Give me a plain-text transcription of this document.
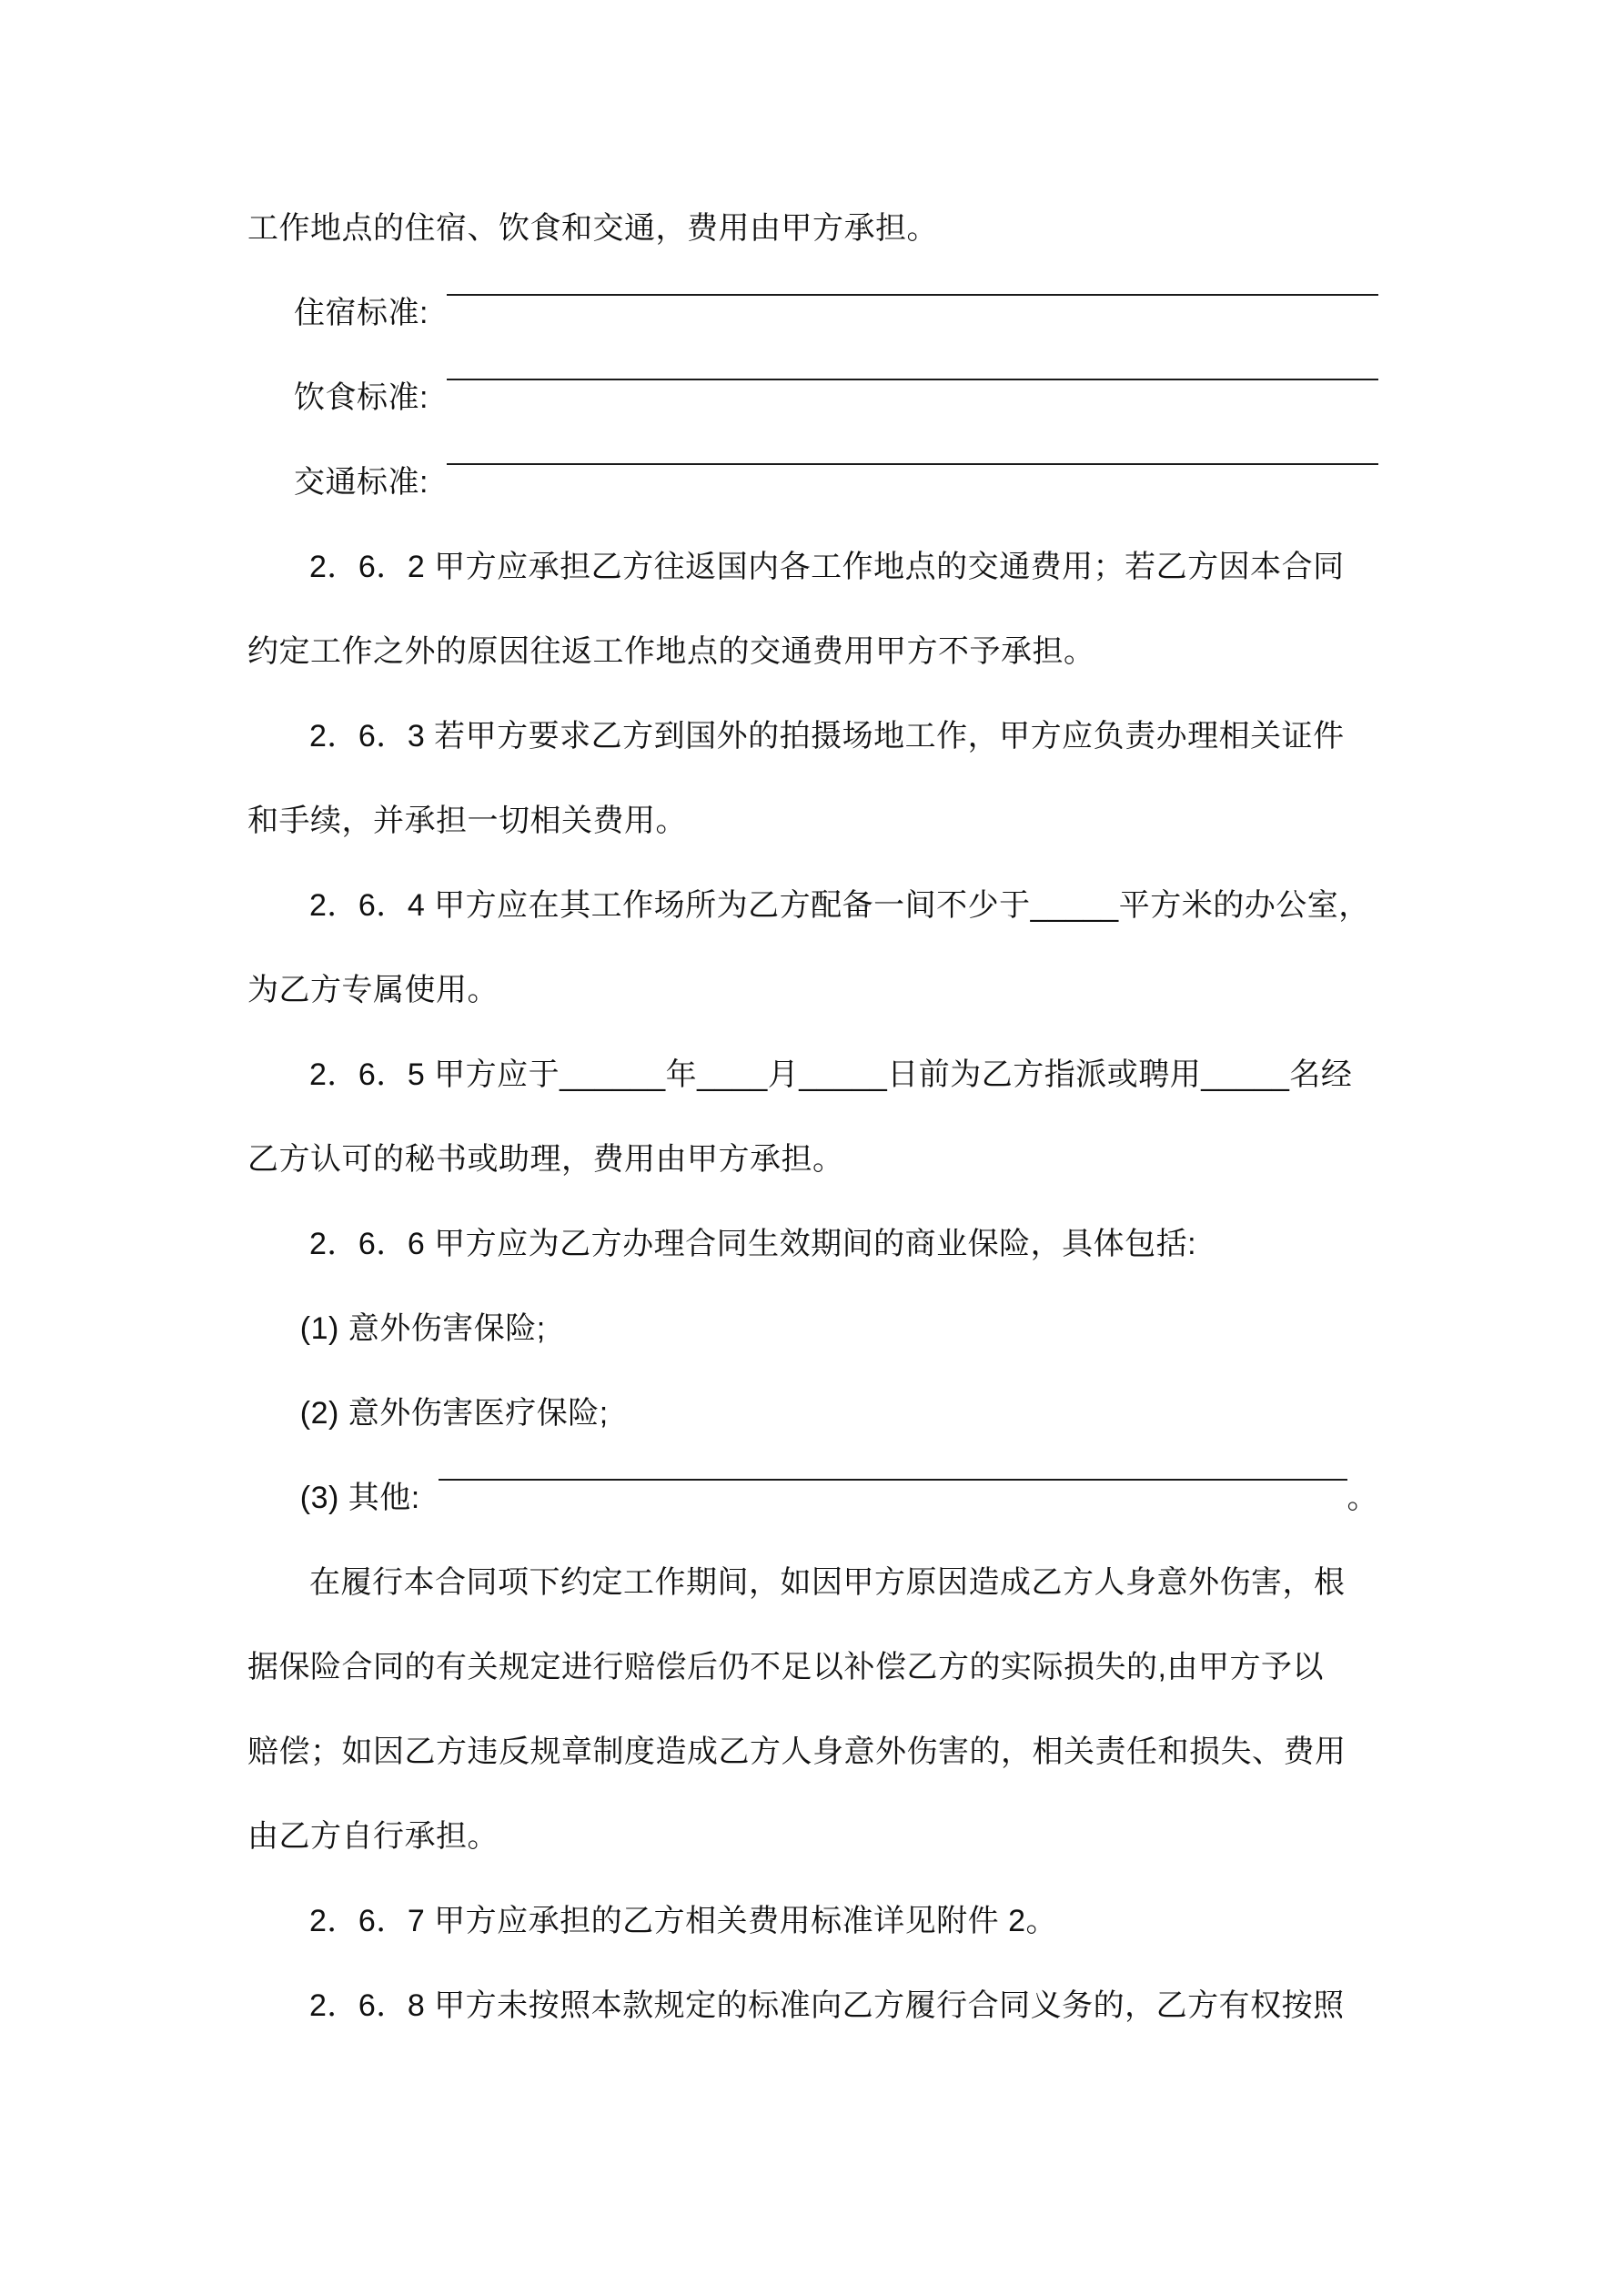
工作地点的住宿、饮食和交通，费用由甲方承担。
住宿标准:
饮食标准:
交通标准:
2．6．2 甲方应承担乙方往返国内各工作地点的交通费用；若乙方因本合同
约定工作之外的原因往返工作地点的交通费用甲方不予承担。
2．6．3 若甲方要求乙方到国外的拍摄场地工作，甲方应负责办理相关证件
和手续，并承担一切相关费用。
2．6．4 甲方应在其工作场所为乙方配备一间不少于_____平方米的办公室，
为乙方专属使用。
2．6．5 甲方应于______年____月_____日前为乙方指派或聘用_____名经
乙方认可的秘书或助理，费用由甲方承担。
2．6．6 甲方应为乙方办理合同生效期间的商业保险，具体包括:
(1) 意外伤害保险;
(2) 意外伤害医疗保险;
(3) 其他:	。
在履行本合同项下约定工作期间，如因甲方原因造成乙方人身意外伤害，根
据保险合同的有关规定进行赔偿后仍不足以补偿乙方的实际损失的,由甲方予以
赔偿；如因乙方违反规章制度造成乙方人身意外伤害的，相关责任和损失、费用
由乙方自行承担。
2．6．7 甲方应承担的乙方相关费用标准详见附件 2。
2．6．8 甲方未按照本款规定的标准向乙方履行合同义务的，乙方有权按照
